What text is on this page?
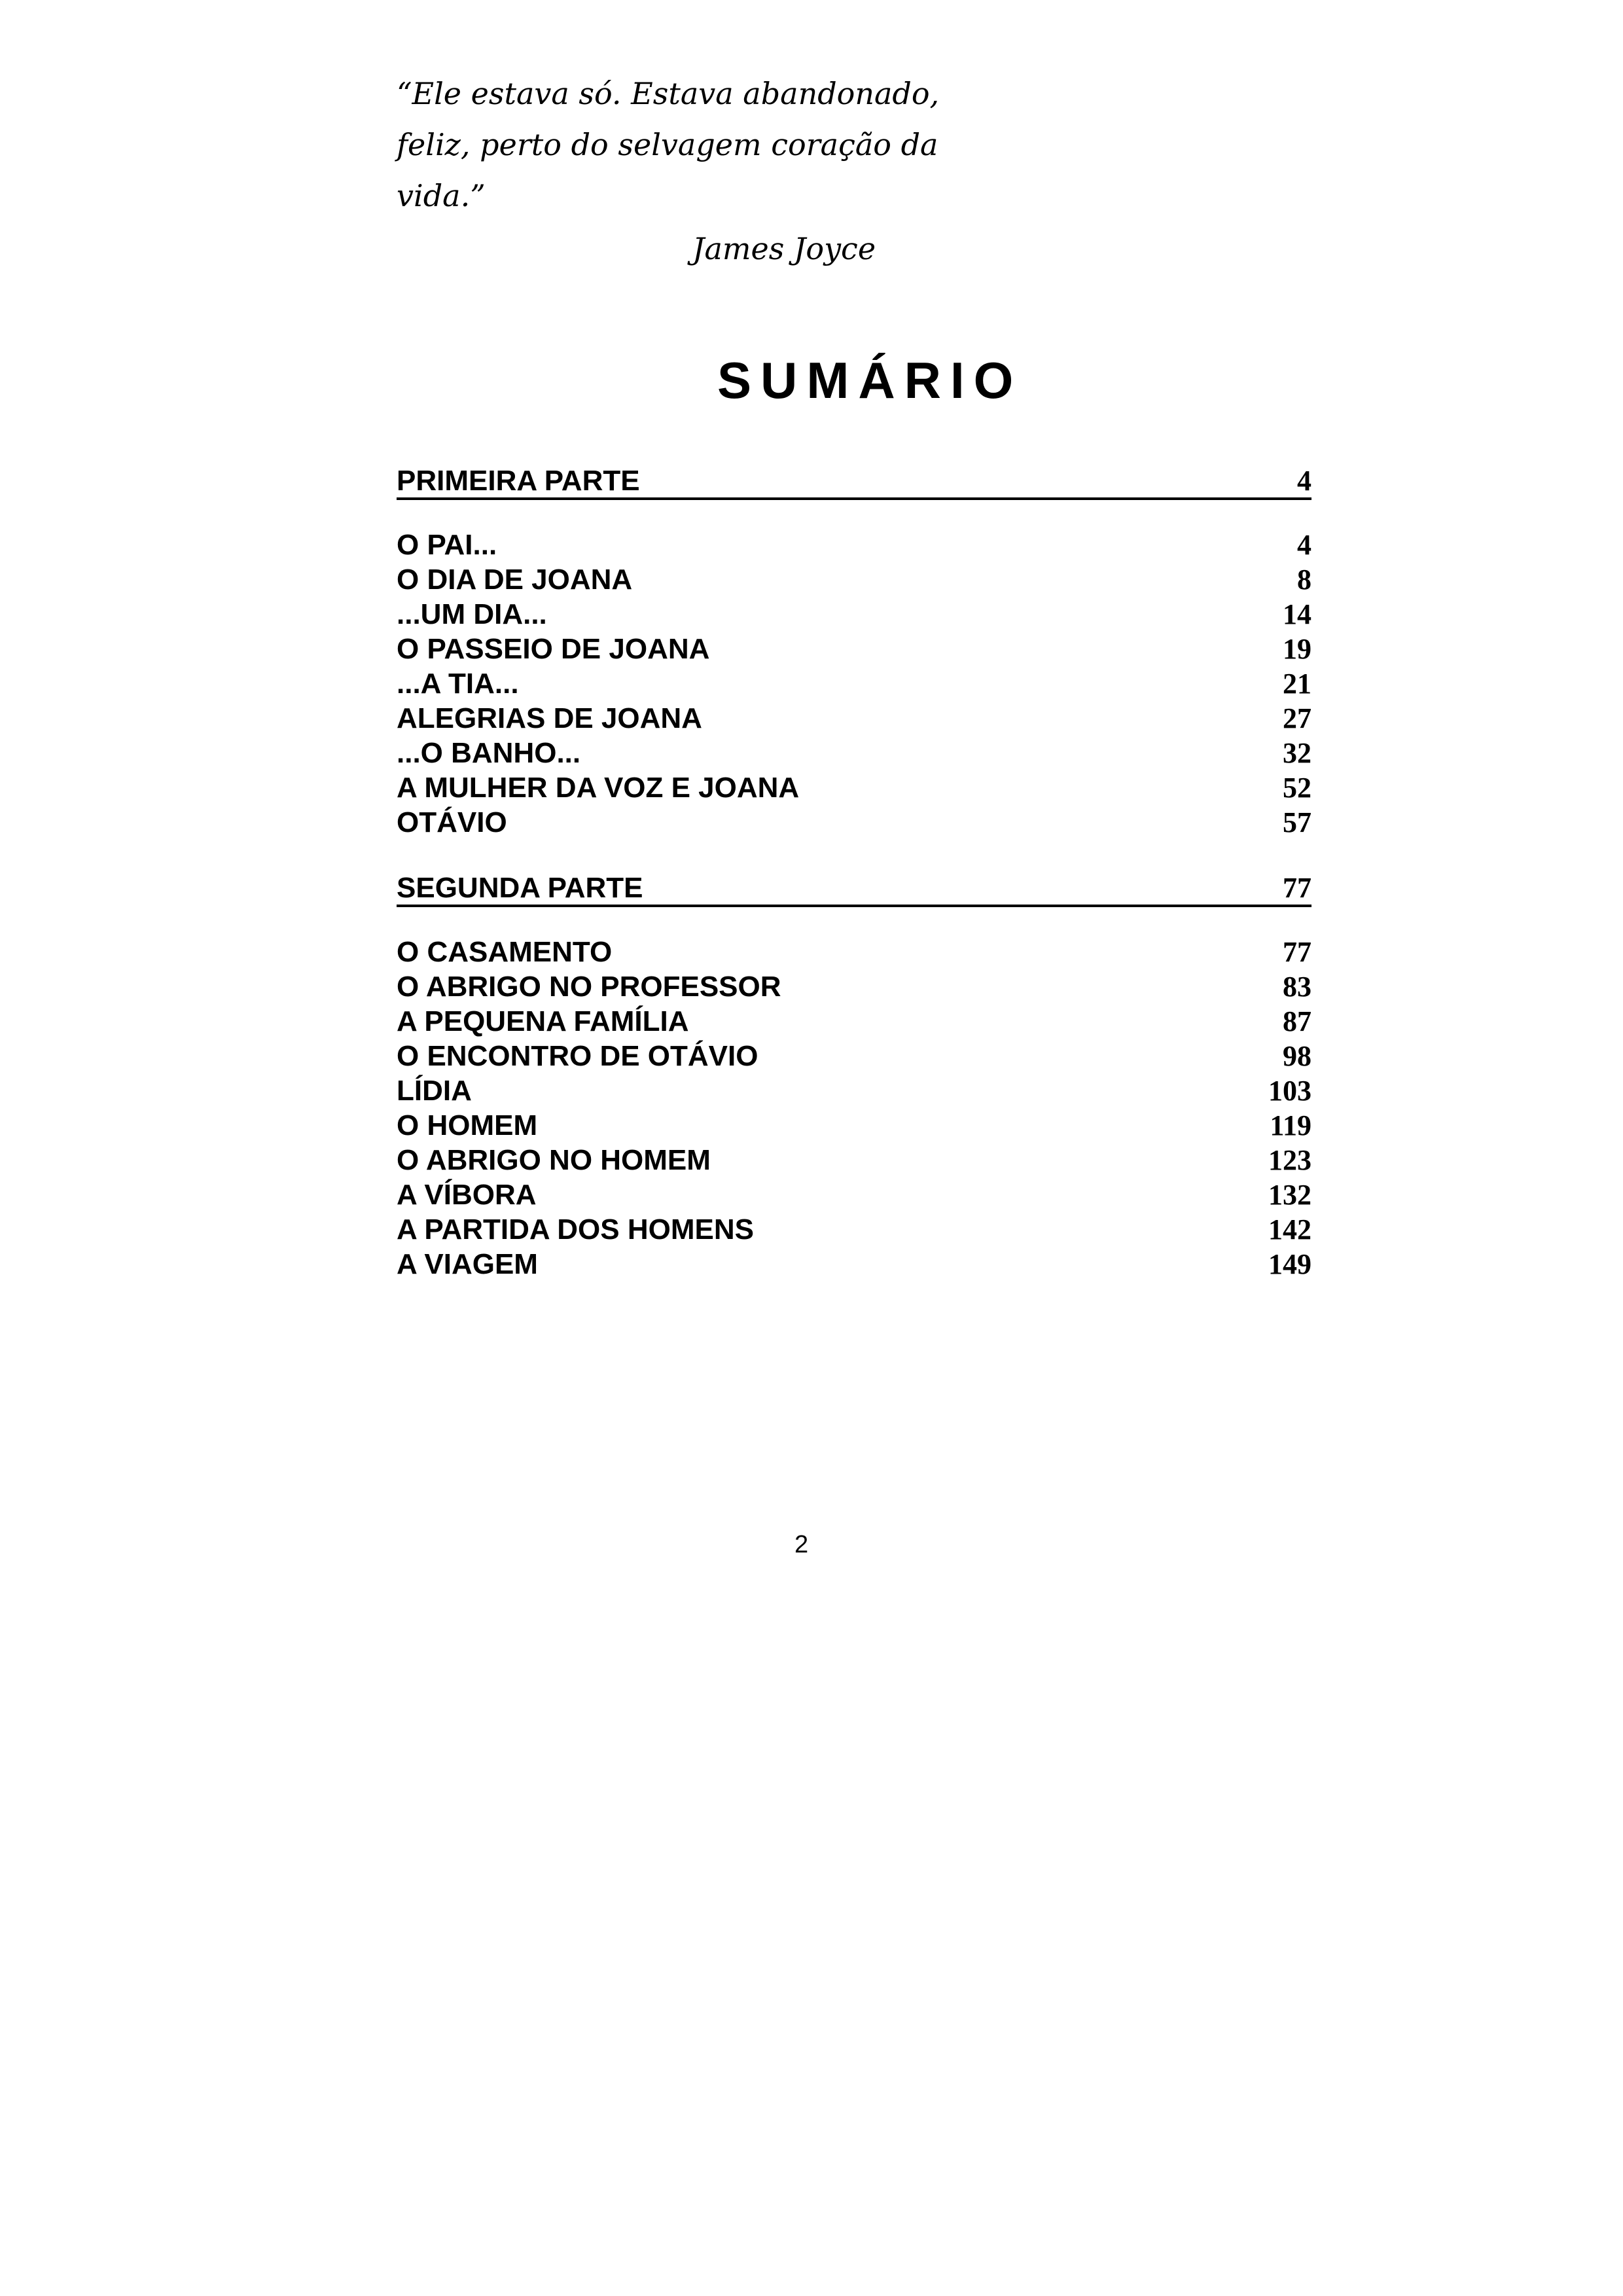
“Ele estava só. Estava abandonado,
feliz, perto do selvagem coração da
vida.”
James Joyce
SUMÁRIO
PRIMEIRA PARTE	4
O PAI...	4
O DIA DE JOANA	8
...UM DIA...	14
O PASSEIO DE JOANA	19
...A TIA...	21
ALEGRIAS DE JOANA	27
...O BANHO...	32
A MULHER DA VOZ E JOANA	52
OTÁVIO	57
SEGUNDA PARTE	77
O CASAMENTO	77
O ABRIGO NO PROFESSOR	83
A PEQUENA FAMÍLIA	87
O ENCONTRO DE OTÁVIO	98
LÍDIA	103
O HOMEM	119
O ABRIGO NO HOMEM	123
A VÍBORA	132
A PARTIDA DOS HOMENS	142
A VIAGEM	149
2
